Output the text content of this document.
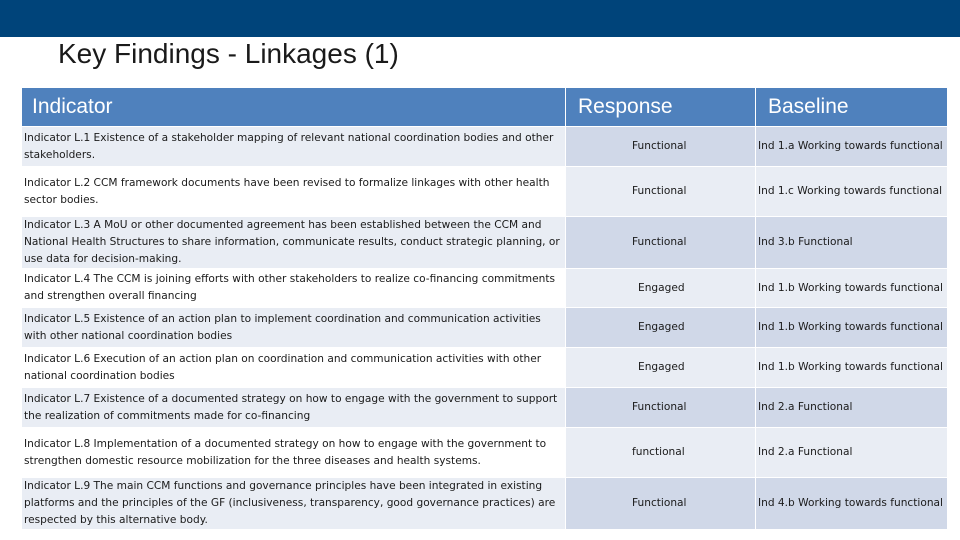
Key Findings - Linkages (1)
Indicator	Response	Baseline
Indicator L.1 Existence of a stakeholder mapping of relevant national coordination bodies and other stakeholders.	Functional	Ind 1.a Working towards functional
Indicator L.2 CCM framework documents have been revised to formalize linkages with other health sector bodies.	Functional	Ind 1.c Working towards functional
Indicator L.3 A MoU or other documented agreement has been established between the CCM and National Health Structures to share information, communicate results, conduct strategic planning, or use data for decision-making.	Functional	Ind 3.b Functional
Indicator L.4 The CCM is joining efforts with other stakeholders to realize co-financing commitments and strengthen overall financing	Engaged	Ind 1.b Working towards functional
Indicator L.5 Existence of an action plan to implement coordination and communication activities with other national coordination bodies	Engaged	Ind 1.b Working towards functional
Indicator L.6 Execution of an action plan on coordination and communication activities with other national coordination bodies	Engaged	Ind 1.b Working towards functional
Indicator L.7 Existence of a documented strategy on how to engage with the government to support the realization of commitments made for co-financing	Functional	Ind 2.a Functional
Indicator L.8 Implementation of a documented strategy on how to engage with the government to strengthen domestic resource mobilization for the three diseases and health systems.	functional	Ind 2.a Functional
Indicator L.9 The main CCM functions and governance principles have been integrated in existing platforms and the principles of the GF (inclusiveness, transparency, good governance practices) are respected by this alternative body.	Functional	Ind 4.b Working towards functional
